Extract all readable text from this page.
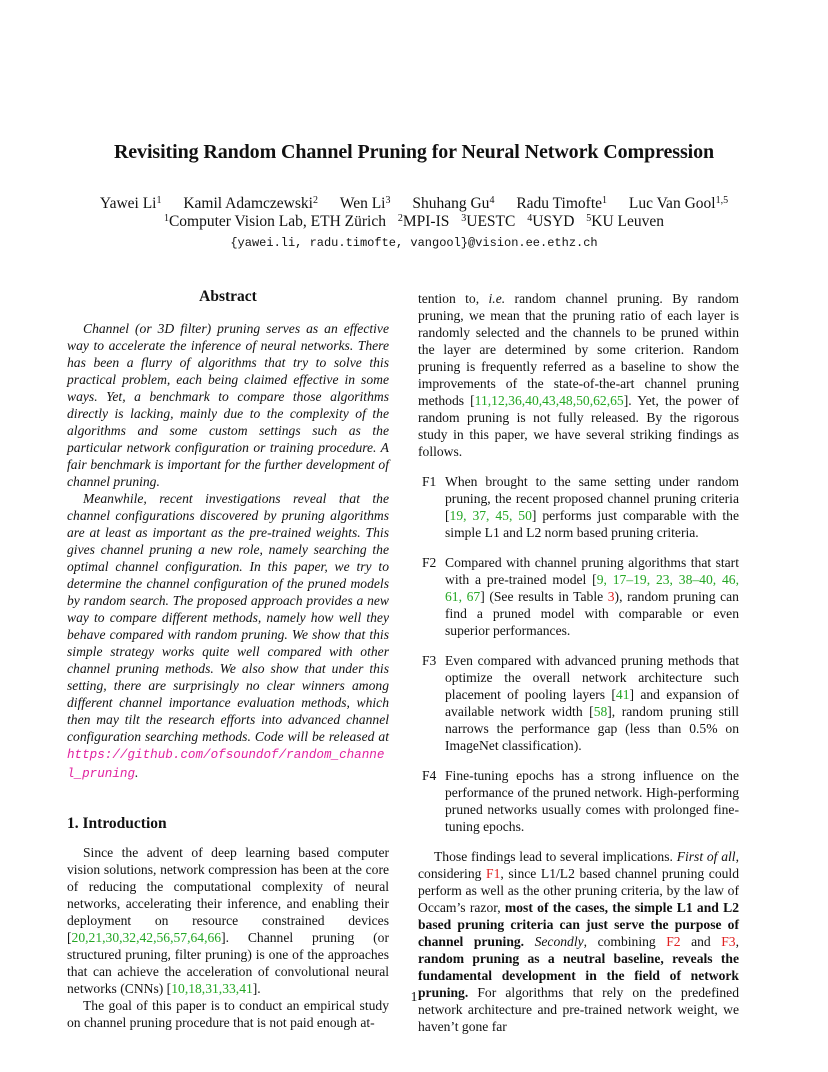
Revisiting Random Channel Pruning for Neural Network Compression
Yawei Li$^1$ Kamil Adamczewski$^2$ Wen Li$^3$ Shuhang Gu$^4$ Radu Timofte$^1$ Luc Van Gool$^{1,5}$
$^1$Computer Vision Lab, ETH Zürich $^2$MPI-IS $^3$UESTC $^4$USYD $^5$KU Leuven
{yawei.li, radu.timofte, vangool}@vision.ee.ethz.ch
Abstract

Channel (or 3D filter) pruning serves as an effective way to accelerate the inference of neural networks. There has been a flurry of algorithms that try to solve this practical problem, each being claimed effective in some ways. Yet, a benchmark to compare those algorithms directly is lacking, mainly due to the complexity of the algorithms and some custom settings such as the particular network configuration or training procedure. A fair benchmark is important for the further development of channel pruning.

Meanwhile, recent investigations reveal that the channel configurations discovered by pruning algorithms are at least as important as the pre-trained weights. This gives channel pruning a new role, namely searching the optimal channel configuration. In this paper, we try to determine the channel configuration of the pruned models by random search. The proposed approach provides a new way to compare different methods, namely how well they behave compared with random pruning. We show that this simple strategy works quite well compared with other channel pruning methods. We also show that under this setting, there are surprisingly no clear winners among different channel importance evaluation methods, which then may tilt the research efforts into advanced channel configuration searching methods. Code will be released at https://github.com/ofsoundof/random_channel_pruning.

1. Introduction

Since the advent of deep learning based computer vision solutions, network compression has been at the core of reducing the computational complexity of neural networks, accelerating their inference, and enabling their deployment on resource constrained devices [20,21,30,32,42,56,57,64,66]. Channel pruning (or structured pruning, filter pruning) is one of the approaches that can achieve the acceleration of convolutional neural networks (CNNs) [10,18,31,33,41].

The goal of this paper is to conduct an empirical study on channel pruning procedure that is not paid enough at-

tention to, i.e. random channel pruning. By random pruning, we mean that the pruning ratio of each layer is randomly selected and the channels to be pruned within the layer are determined by some criterion. Random pruning is frequently referred as a baseline to show the improvements of the state-of-the-art channel pruning methods [11,12,36,40,43,48,50,62,65]. Yet, the power of random pruning is not fully released. By the rigorous study in this paper, we have several striking findings as follows.

F1 When brought to the same setting under random pruning, the recent proposed channel pruning criteria [19, 37, 45, 50] performs just comparable with the simple L1 and L2 norm based pruning criteria.
F2 Compared with channel pruning algorithms that start with a pre-trained model [9, 17–19, 23, 38–40, 46, 61, 67] (See results in Table 3), random pruning can find a pruned model with comparable or even superior performances.
F3 Even compared with advanced pruning methods that optimize the overall network architecture such placement of pooling layers [41] and expansion of available network width [58], random pruning still narrows the performance gap (less than 0.5% on ImageNet classification).
F4 Fine-tuning epochs has a strong influence on the performance of the pruned network. High-performing pruned networks usually comes with prolonged fine-tuning epochs.

Those findings lead to several implications. First of all, considering F1, since L1/L2 based channel pruning could perform as well as the other pruning criteria, by the law of Occam’s razor, most of the cases, the simple L1 and L2 based pruning criteria can just serve the purpose of channel pruning. Secondly, combining F2 and F3, random pruning as a neutral baseline, reveals the fundamental development in the field of network pruning. For algorithms that rely on the predefined network architecture and pre-trained network weight, we haven’t gone far

1
